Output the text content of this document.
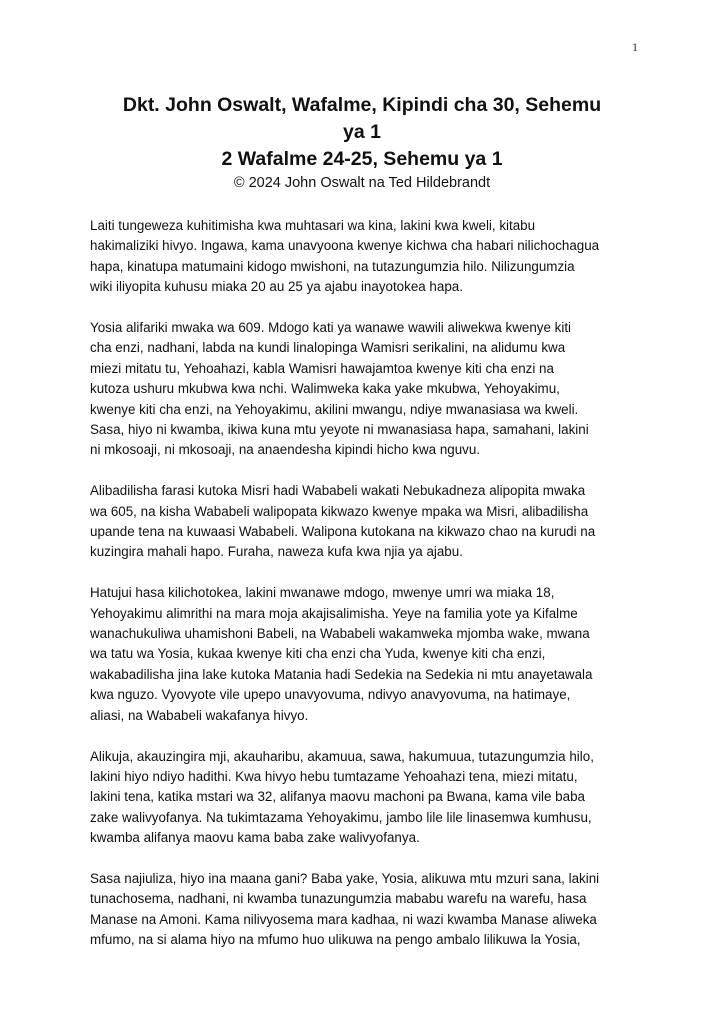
1
Dkt. John Oswalt, Wafalme, Kipindi cha 30, Sehemu
ya 1
2 Wafalme 24-25, Sehemu ya 1
© 2024 John Oswalt na Ted Hildebrandt

Laiti tungeweza kuhitimisha kwa muhtasari wa kina, lakini kwa kweli, kitabu
hakimaliziki hivyo. Ingawa, kama unavyoona kwenye kichwa cha habari nilichochagua
hapa, kinatupa matumaini kidogo mwishoni, na tutazungumzia hilo. Nilizungumzia
wiki iliyopita kuhusu miaka 20 au 25 ya ajabu inayotokea hapa.

Yosia alifariki mwaka wa 609. Mdogo kati ya wanawe wawili aliwekwa kwenye kiti
cha enzi, nadhani, labda na kundi linalopinga Wamisri serikalini, na alidumu kwa
miezi mitatu tu, Yehoahazi, kabla Wamisri hawajamtoa kwenye kiti cha enzi na
kutoza ushuru mkubwa kwa nchi. Walimweka kaka yake mkubwa, Yehoyakimu,
kwenye kiti cha enzi, na Yehoyakimu, akilini mwangu, ndiye mwanasiasa wa kweli.
Sasa, hiyo ni kwamba, ikiwa kuna mtu yeyote ni mwanasiasa hapa, samahani, lakini
ni mkosoaji, ni mkosoaji, na anaendesha kipindi hicho kwa nguvu.

Alibadilisha farasi kutoka Misri hadi Wababeli wakati Nebukadneza alipopita mwaka
wa 605, na kisha Wababeli walipopata kikwazo kwenye mpaka wa Misri, alibadilisha
upande tena na kuwaasi Wababeli. Walipona kutokana na kikwazo chao na kurudi na
kuzingira mahali hapo. Furaha, naweza kufa kwa njia ya ajabu.

Hatujui hasa kilichotokea, lakini mwanawe mdogo, mwenye umri wa miaka 18,
Yehoyakimu alimrithi na mara moja akajisalimisha. Yeye na familia yote ya Kifalme
wanachukuliwa uhamishoni Babeli, na Wababeli wakamweka mjomba wake, mwana
wa tatu wa Yosia, kukaa kwenye kiti cha enzi cha Yuda, kwenye kiti cha enzi,
wakabadilisha jina lake kutoka Matania hadi Sedekia na Sedekia ni mtu anayetawala
kwa nguzo. Vyovyote vile upepo unavyovuma, ndivyo anavyovuma, na hatimaye,
aliasi, na Wababeli wakafanya hivyo.

Alikuja, akauzingira mji, akauharibu, akamuua, sawa, hakumuua, tutazungumzia hilo,
lakini hiyo ndiyo hadithi. Kwa hivyo hebu tumtazame Yehoahazi tena, miezi mitatu,
lakini tena, katika mstari wa 32, alifanya maovu machoni pa Bwana, kama vile baba
zake walivyofanya. Na tukimtazama Yehoyakimu, jambo lile lile linasemwa kumhusu,
kwamba alifanya maovu kama baba zake walivyofanya.

Sasa najiuliza, hiyo ina maana gani? Baba yake, Yosia, alikuwa mtu mzuri sana, lakini
tunachosema, nadhani, ni kwamba tunazungumzia mababu warefu na warefu, hasa
Manase na Amoni. Kama nilivyosema mara kadhaa, ni wazi kwamba Manase aliweka
mfumo, na si alama hiyo na mfumo huo ulikuwa na pengo ambalo lilikuwa la Yosia,
